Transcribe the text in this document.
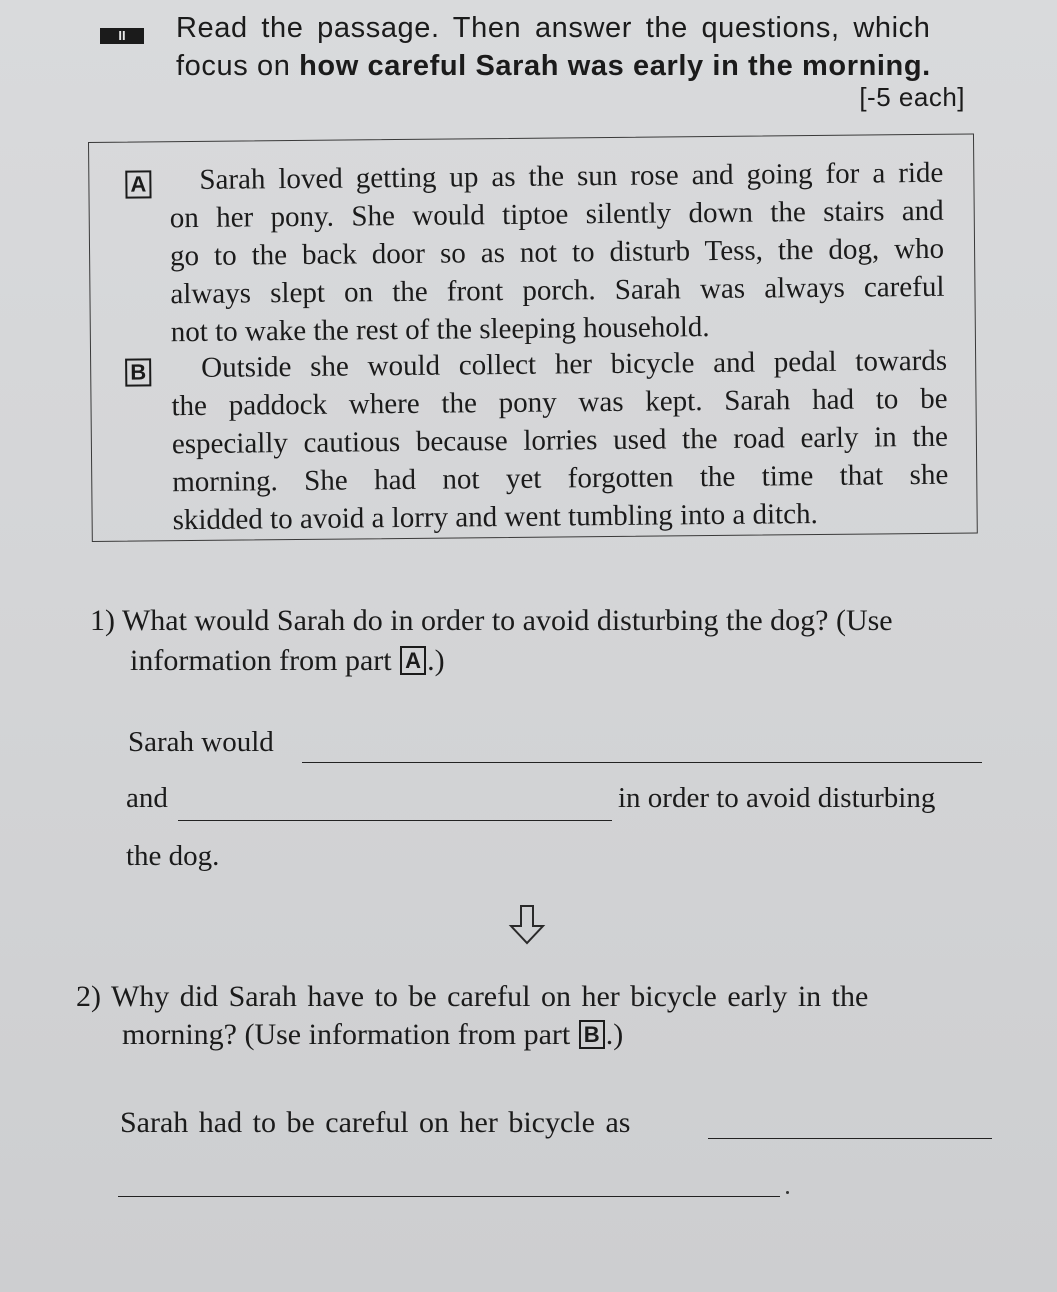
II	Read the passage. Then answer the questions, which
focus on how careful Sarah was early in the morning.
[-5 each]
A Sarah loved getting up as the sun rose and going for a ride
on her pony. She would tiptoe silently down the stairs and
go to the back door so as not to disturb Tess, the dog, who
always slept on the front porch. Sarah was always careful
not to wake the rest of the sleeping household.
B Outside she would collect her bicycle and pedal towards
the paddock where the pony was kept. Sarah had to be
especially cautious because lorries used the road early in the
morning. She had not yet forgotten the time that she
skidded to avoid a lorry and went tumbling into a ditch.
1) What would Sarah do in order to avoid disturbing the dog? (Use
information from part A .)
Sarah would
and	in order to avoid disturbing
the dog.
2) Why did Sarah have to be careful on her bicycle early in the
morning? (Use information from part B .)
Sarah had to be careful on her bicycle as
